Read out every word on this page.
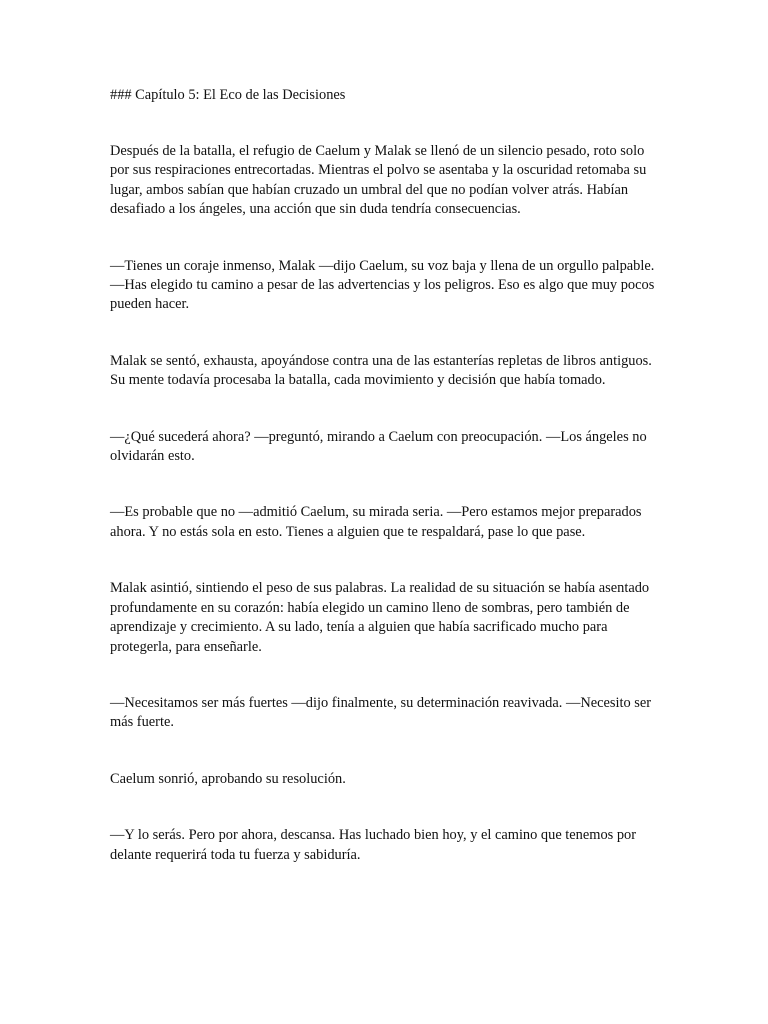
### Capítulo 5: El Eco de las Decisiones

Después de la batalla, el refugio de Caelum y Malak se llenó de un silencio pesado, roto solo por sus respiraciones entrecortadas. Mientras el polvo se asentaba y la oscuridad retomaba su lugar, ambos sabían que habían cruzado un umbral del que no podían volver atrás. Habían desafiado a los ángeles, una acción que sin duda tendría consecuencias.

—Tienes un coraje inmenso, Malak —dijo Caelum, su voz baja y llena de un orgullo palpable. —Has elegido tu camino a pesar de las advertencias y los peligros. Eso es algo que muy pocos pueden hacer.

Malak se sentó, exhausta, apoyándose contra una de las estanterías repletas de libros antiguos. Su mente todavía procesaba la batalla, cada movimiento y decisión que había tomado.

—¿Qué sucederá ahora? —preguntó, mirando a Caelum con preocupación. —Los ángeles no olvidarán esto.

—Es probable que no —admitió Caelum, su mirada seria. —Pero estamos mejor preparados ahora. Y no estás sola en esto. Tienes a alguien que te respaldará, pase lo que pase.

Malak asintió, sintiendo el peso de sus palabras. La realidad de su situación se había asentado profundamente en su corazón: había elegido un camino lleno de sombras, pero también de aprendizaje y crecimiento. A su lado, tenía a alguien que había sacrificado mucho para protegerla, para enseñarle.

—Necesitamos ser más fuertes —dijo finalmente, su determinación reavivada. —Necesito ser más fuerte.

Caelum sonrió, aprobando su resolución.

—Y lo serás. Pero por ahora, descansa. Has luchado bien hoy, y el camino que tenemos por delante requerirá toda tu fuerza y sabiduría.
